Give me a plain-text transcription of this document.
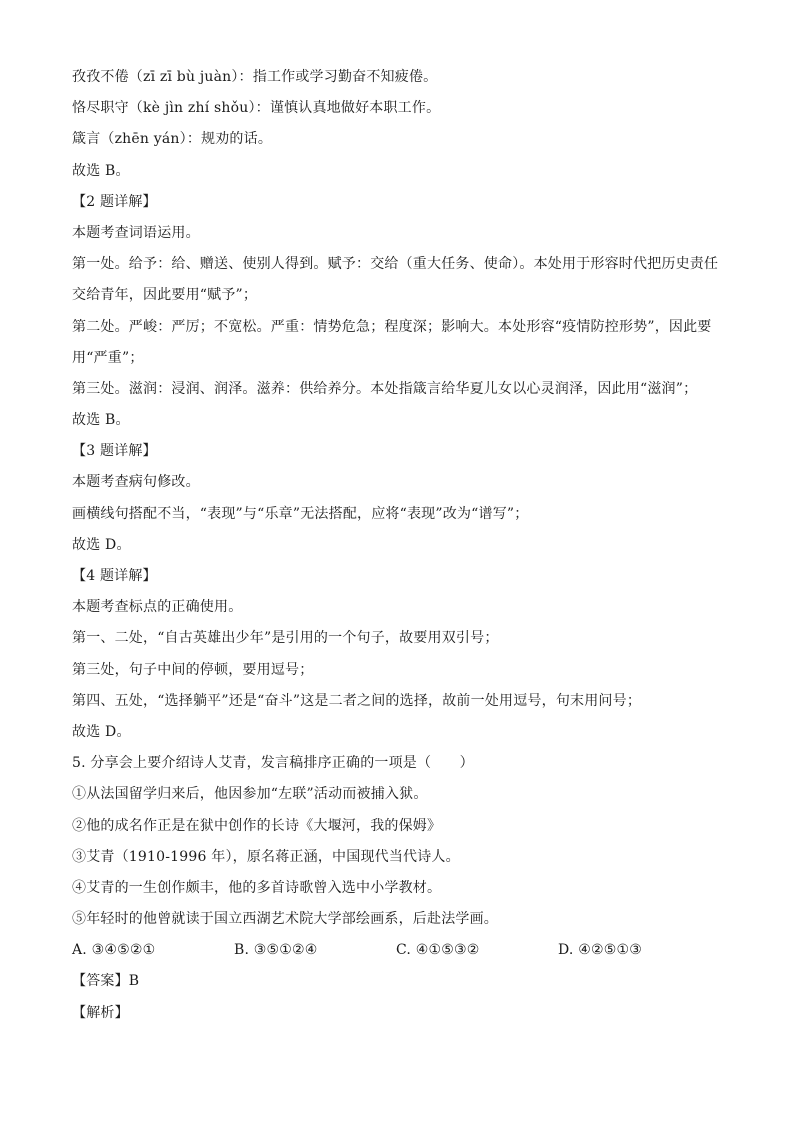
孜孜不倦（zī zī bù juàn）：指工作或学习勤奋不知疲倦。
恪尽职守（kè jìn zhí shǒu）：谨慎认真地做好本职工作。
箴言（zhēn yán）：规劝的话。
故选 B。
【2 题详解】
本题考查词语运用。
第一处。给予：给、赠送、使别人得到。赋予：交给（重大任务、使命）。本处用于形容时代把历史责任
交给青年，因此要用“赋予”；
第二处。严峻：严厉；不宽松。严重：情势危急；程度深；影响大。本处形容“疫情防控形势”，因此要
用“严重”；
第三处。滋润：浸润、润泽。滋养：供给养分。本处指箴言给华夏儿女以心灵润泽，因此用“滋润”；
故选 B。
【3 题详解】
本题考查病句修改。
画横线句搭配不当，“表现”与“乐章”无法搭配，应将“表现”改为“谱写”；
故选 D。
【4 题详解】
本题考查标点的正确使用。
第一、二处，“自古英雄出少年”是引用的一个句子，故要用双引号；
第三处，句子中间的停顿，要用逗号；
第四、五处，“选择躺平”还是“奋斗”这是二者之间的选择，故前一处用逗号，句末用问号；
故选 D。
5. 分享会上要介绍诗人艾青，发言稿排序正确的一项是（　　）
①从法国留学归来后，他因参加“左联”活动而被捕入狱。
②他的成名作正是在狱中创作的长诗《大堰河，我的保姆》
③艾青（1910-1996 年），原名蒋正涵，中国现代当代诗人。
④艾青的一生创作颇丰，他的多首诗歌曾入选中小学教材。
⑤年轻时的他曾就读于国立西湖艺术院大学部绘画系，后赴法学画。
A. ③④⑤②①	B. ③⑤①②④	C. ④①⑤③②	D. ④②⑤①③
【答案】B
【解析】
